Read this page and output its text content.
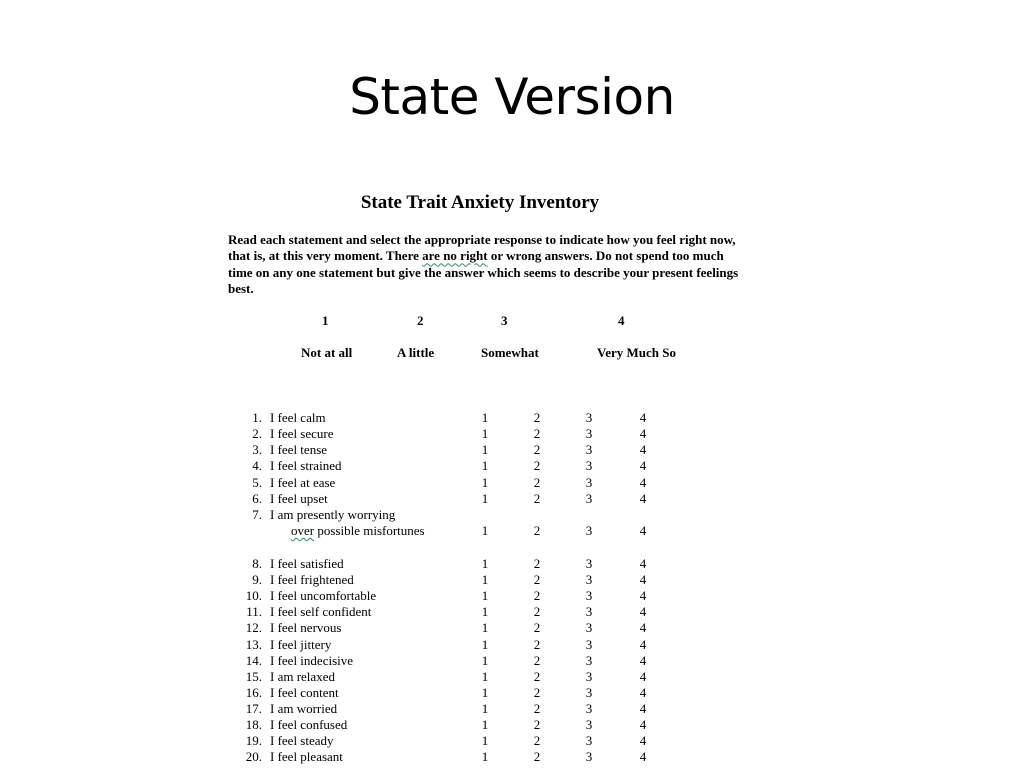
State Version
State Trait Anxiety Inventory
Read each statement and select the appropriate response to indicate how you feel right now, that is, at this very moment. There are no right or wrong answers. Do not spend too much time on any one statement but give the answer which seems to describe your present feelings best.
1	2	3	4
Not at all	A little	Somewhat	Very Much So
1. I feel calm	1	2	3	4
2. I feel secure	1	2	3	4
3. I feel tense	1	2	3	4
4. I feel strained	1	2	3	4
5. I feel at ease	1	2	3	4
6. I feel upset	1	2	3	4
7. I am presently worrying
over possible misfortunes	1	2	3	4
8. I feel satisfied	1	2	3	4
9. I feel frightened	1	2	3	4
10. I feel uncomfortable	1	2	3	4
11. I feel self confident	1	2	3	4
12. I feel nervous	1	2	3	4
13. I feel jittery	1	2	3	4
14. I feel indecisive	1	2	3	4
15. I am relaxed	1	2	3	4
16. I feel content	1	2	3	4
17. I am worried	1	2	3	4
18. I feel confused	1	2	3	4
19. I feel steady	1	2	3	4
20. I feel pleasant	1	2	3	4
